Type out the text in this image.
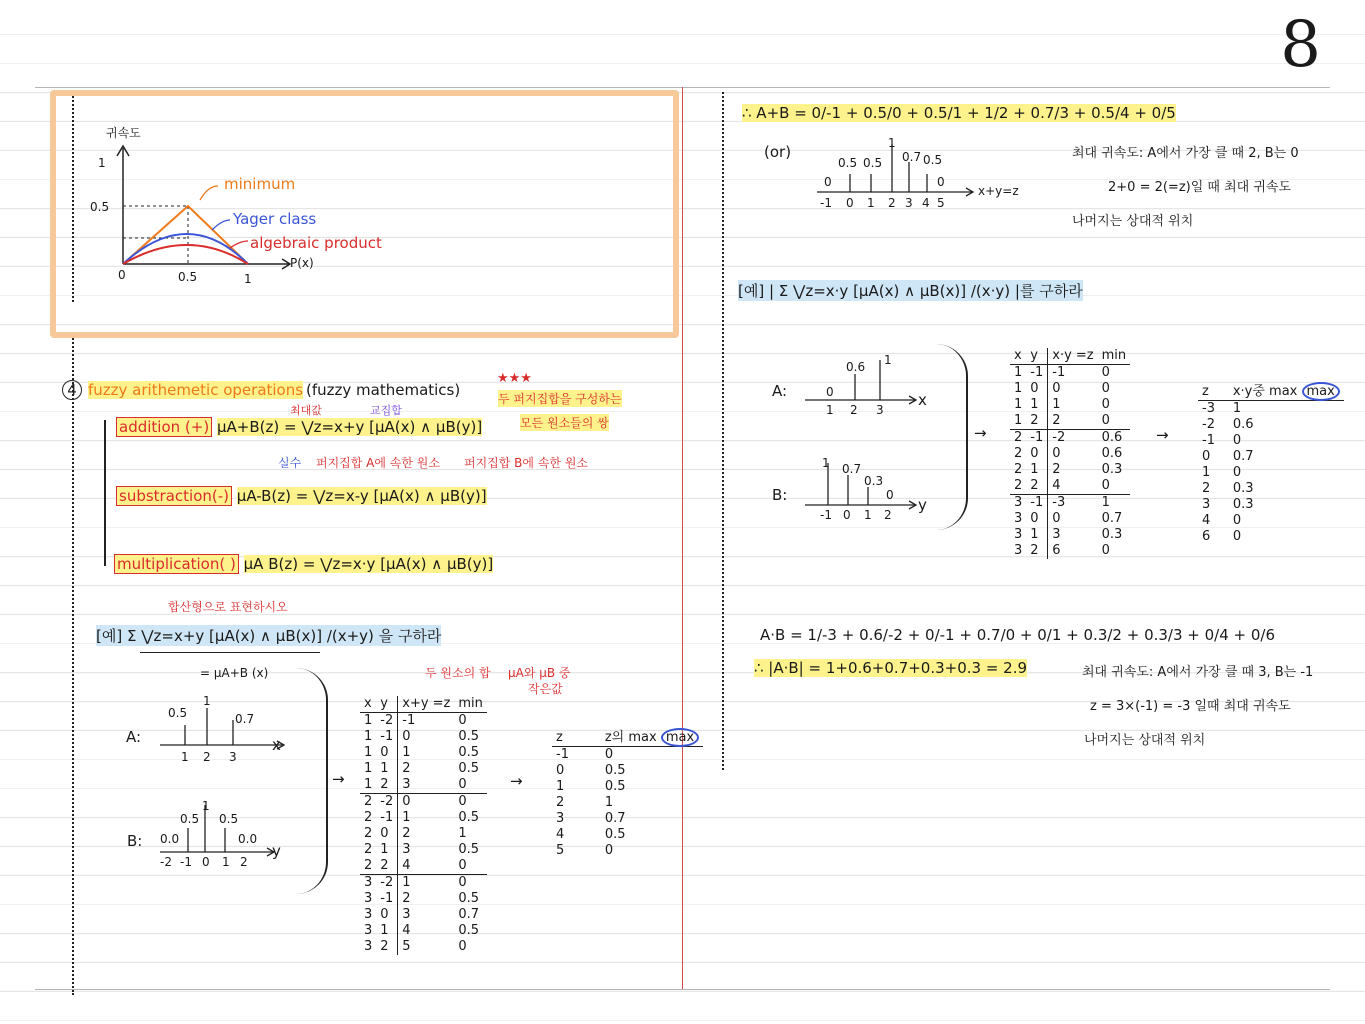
8
귀속도
1
0.5
0	0.5	1
P(x)
minimum
Yager class
algebraic product
4 fuzzy arithemetic operations (fuzzy mathematics)
★★★
두 퍼지집합을 구성하는
모든 원소들의 쌍
최대값	교집합
addition (+) μA+B(z) = ⋁z=x+y [μA(x) ∧ μB(y)]
실수 퍼지집합 A에 속한 원소 퍼지집합 B에 속한 원소
substraction(-) μA-B(z) = ⋁z=x-y [μA(x) ∧ μB(y)]
multiplication( ) μA B(z) = ⋁z=x·y [μA(x) ∧ μB(y)]
합산형으로 표현하시오
[예] Σ ⋁z=x+y [μA(x) ∧ μB(x)] /(x+y) 을 구하라
= μA+B (x)
A:
0.5
1
0.7
1 2 3
x
B: 0.0
0.5
1
0.5
0.0
-2 -1 0 1 2
y
→
두 원소의 합 μA와 μB 중
작은값
x	y	x+y =z	min
1	-2	-1	0
1	-1	0	0.5
1	0	1	0.5
1	1	2	0.5
1	2	3	0
2	-2	0	0
2	-1	1	0.5
2	0	2	1
2	1	3	0.5
2	2	4	0
3	-2	1	0
3	-1	2	0.5
3	0	3	0.7
3	1	4	0.5
3	2	5	0
→
z	z의 max max
-1	0
0	0.5
1	0.5
2	1
3	0.7
4	0.5
5	0
∴ A+B = 0/-1 + 0.5/0 + 0.5/1 + 1/2 + 0.7/3 + 0.5/4 + 0/5
(or)
0
0.5 0.5
1
0.7 0.5
0
-1 0 1 2 3 4 5
x+y=z
최대 귀속도: A에서 가장 클 때 2, B는 0
2+0 = 2(=z)일 때 최대 귀속도
나머지는 상대적 위치
[예] | Σ ⋁z=x·y [μA(x) ∧ μB(x)] /(x·y) |를 구하라
A:	0
0.6 1
1 2 3
x
B:
1 0.7
0.3
0
-1 0 1 2
y
→
x	y	x·y =z	min
1	-1	-1	0
1	0	0	0
1	1	1	0
1	2	2	0
2	-1	-2	0.6
2	0	0	0.6
2	1	2	0.3
2	2	4	0
3	-1	-3	1
3	0	0	0.7
3	1	3	0.3
3	2	6	0
→
z	x·y중 max max
-3	1
-2	0.6
-1	0
0	0.7
1	0
2	0.3
3	0.3
4	0
6	0
A·B = 1/-3 + 0.6/-2 + 0/-1 + 0.7/0 + 0/1 + 0.3/2 + 0.3/3 + 0/4 + 0/6
∴ |A·B| = 1+0.6+0.7+0.3+0.3 = 2.9	최대 귀속도: A에서 가장 클 때 3, B는 -1
z = 3×(-1) = -3 일때 최대 귀속도
나머지는 상대적 위치
